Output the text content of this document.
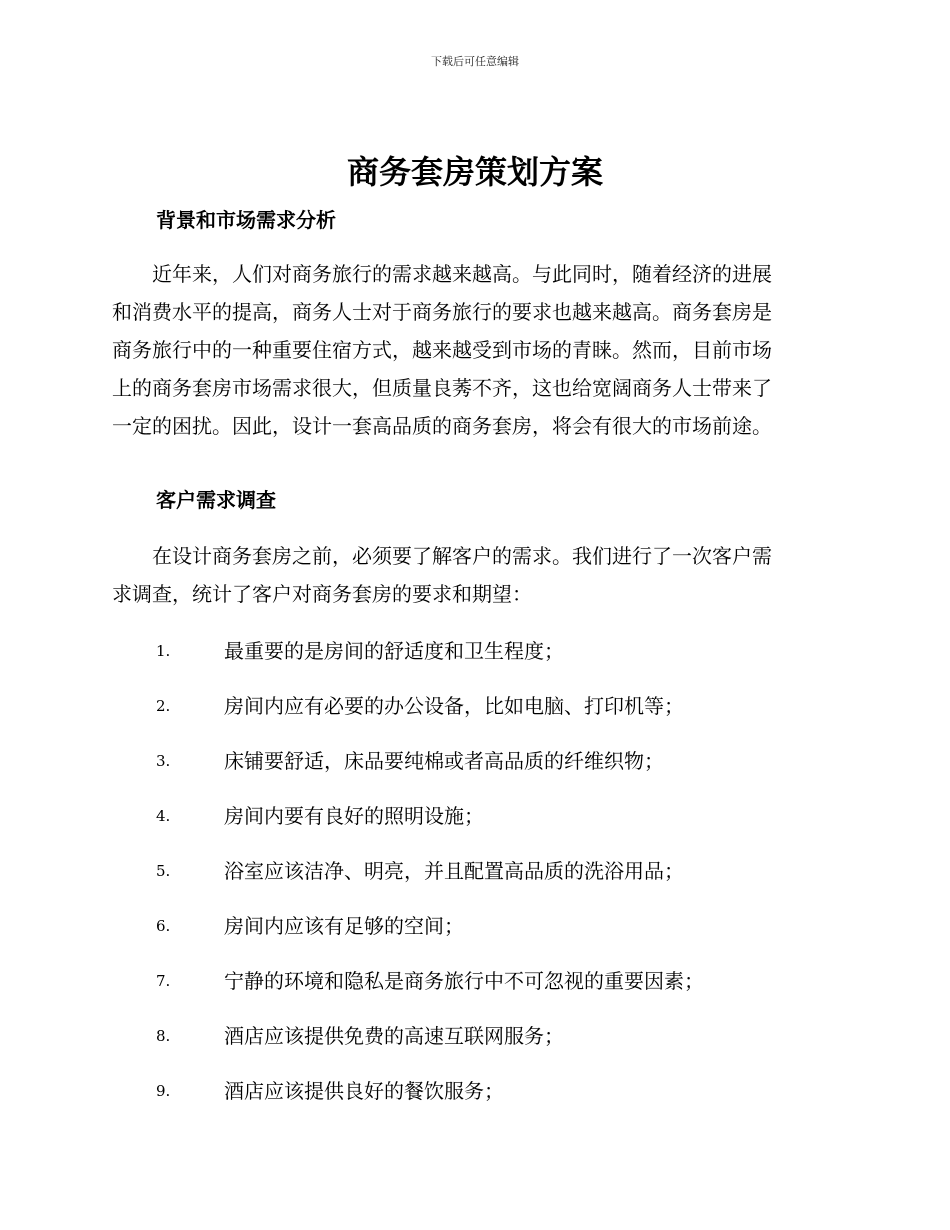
下载后可任意编辑
商务套房策划方案
背景和市场需求分析

　　近年来，人们对商务旅行的需求越来越高。与此同时，随着经济的进展
和消费水平的提高，商务人士对于商务旅行的要求也越来越高。商务套房是
商务旅行中的一种重要住宿方式，越来越受到市场的青睐。然而，目前市场
上的商务套房市场需求很大，但质量良莠不齐，这也给宽阔商务人士带来了
一定的困扰。因此，设计一套高品质的商务套房，将会有很大的市场前途。

客户需求调查

　　在设计商务套房之前，必须要了解客户的需求。我们进行了一次客户需
求调查，统计了客户对商务套房的要求和期望：

1.	最重要的是房间的舒适度和卫生程度；
2.	房间内应有必要的办公设备，比如电脑、打印机等；
3.	床铺要舒适，床品要纯棉或者高品质的纤维织物；
4.	房间内要有良好的照明设施；
5.	浴室应该洁净、明亮，并且配置高品质的洗浴用品；
6.	房间内应该有足够的空间；
7.	宁静的环境和隐私是商务旅行中不可忽视的重要因素；
8.	酒店应该提供免费的高速互联网服务；
9.	酒店应该提供良好的餐饮服务；
